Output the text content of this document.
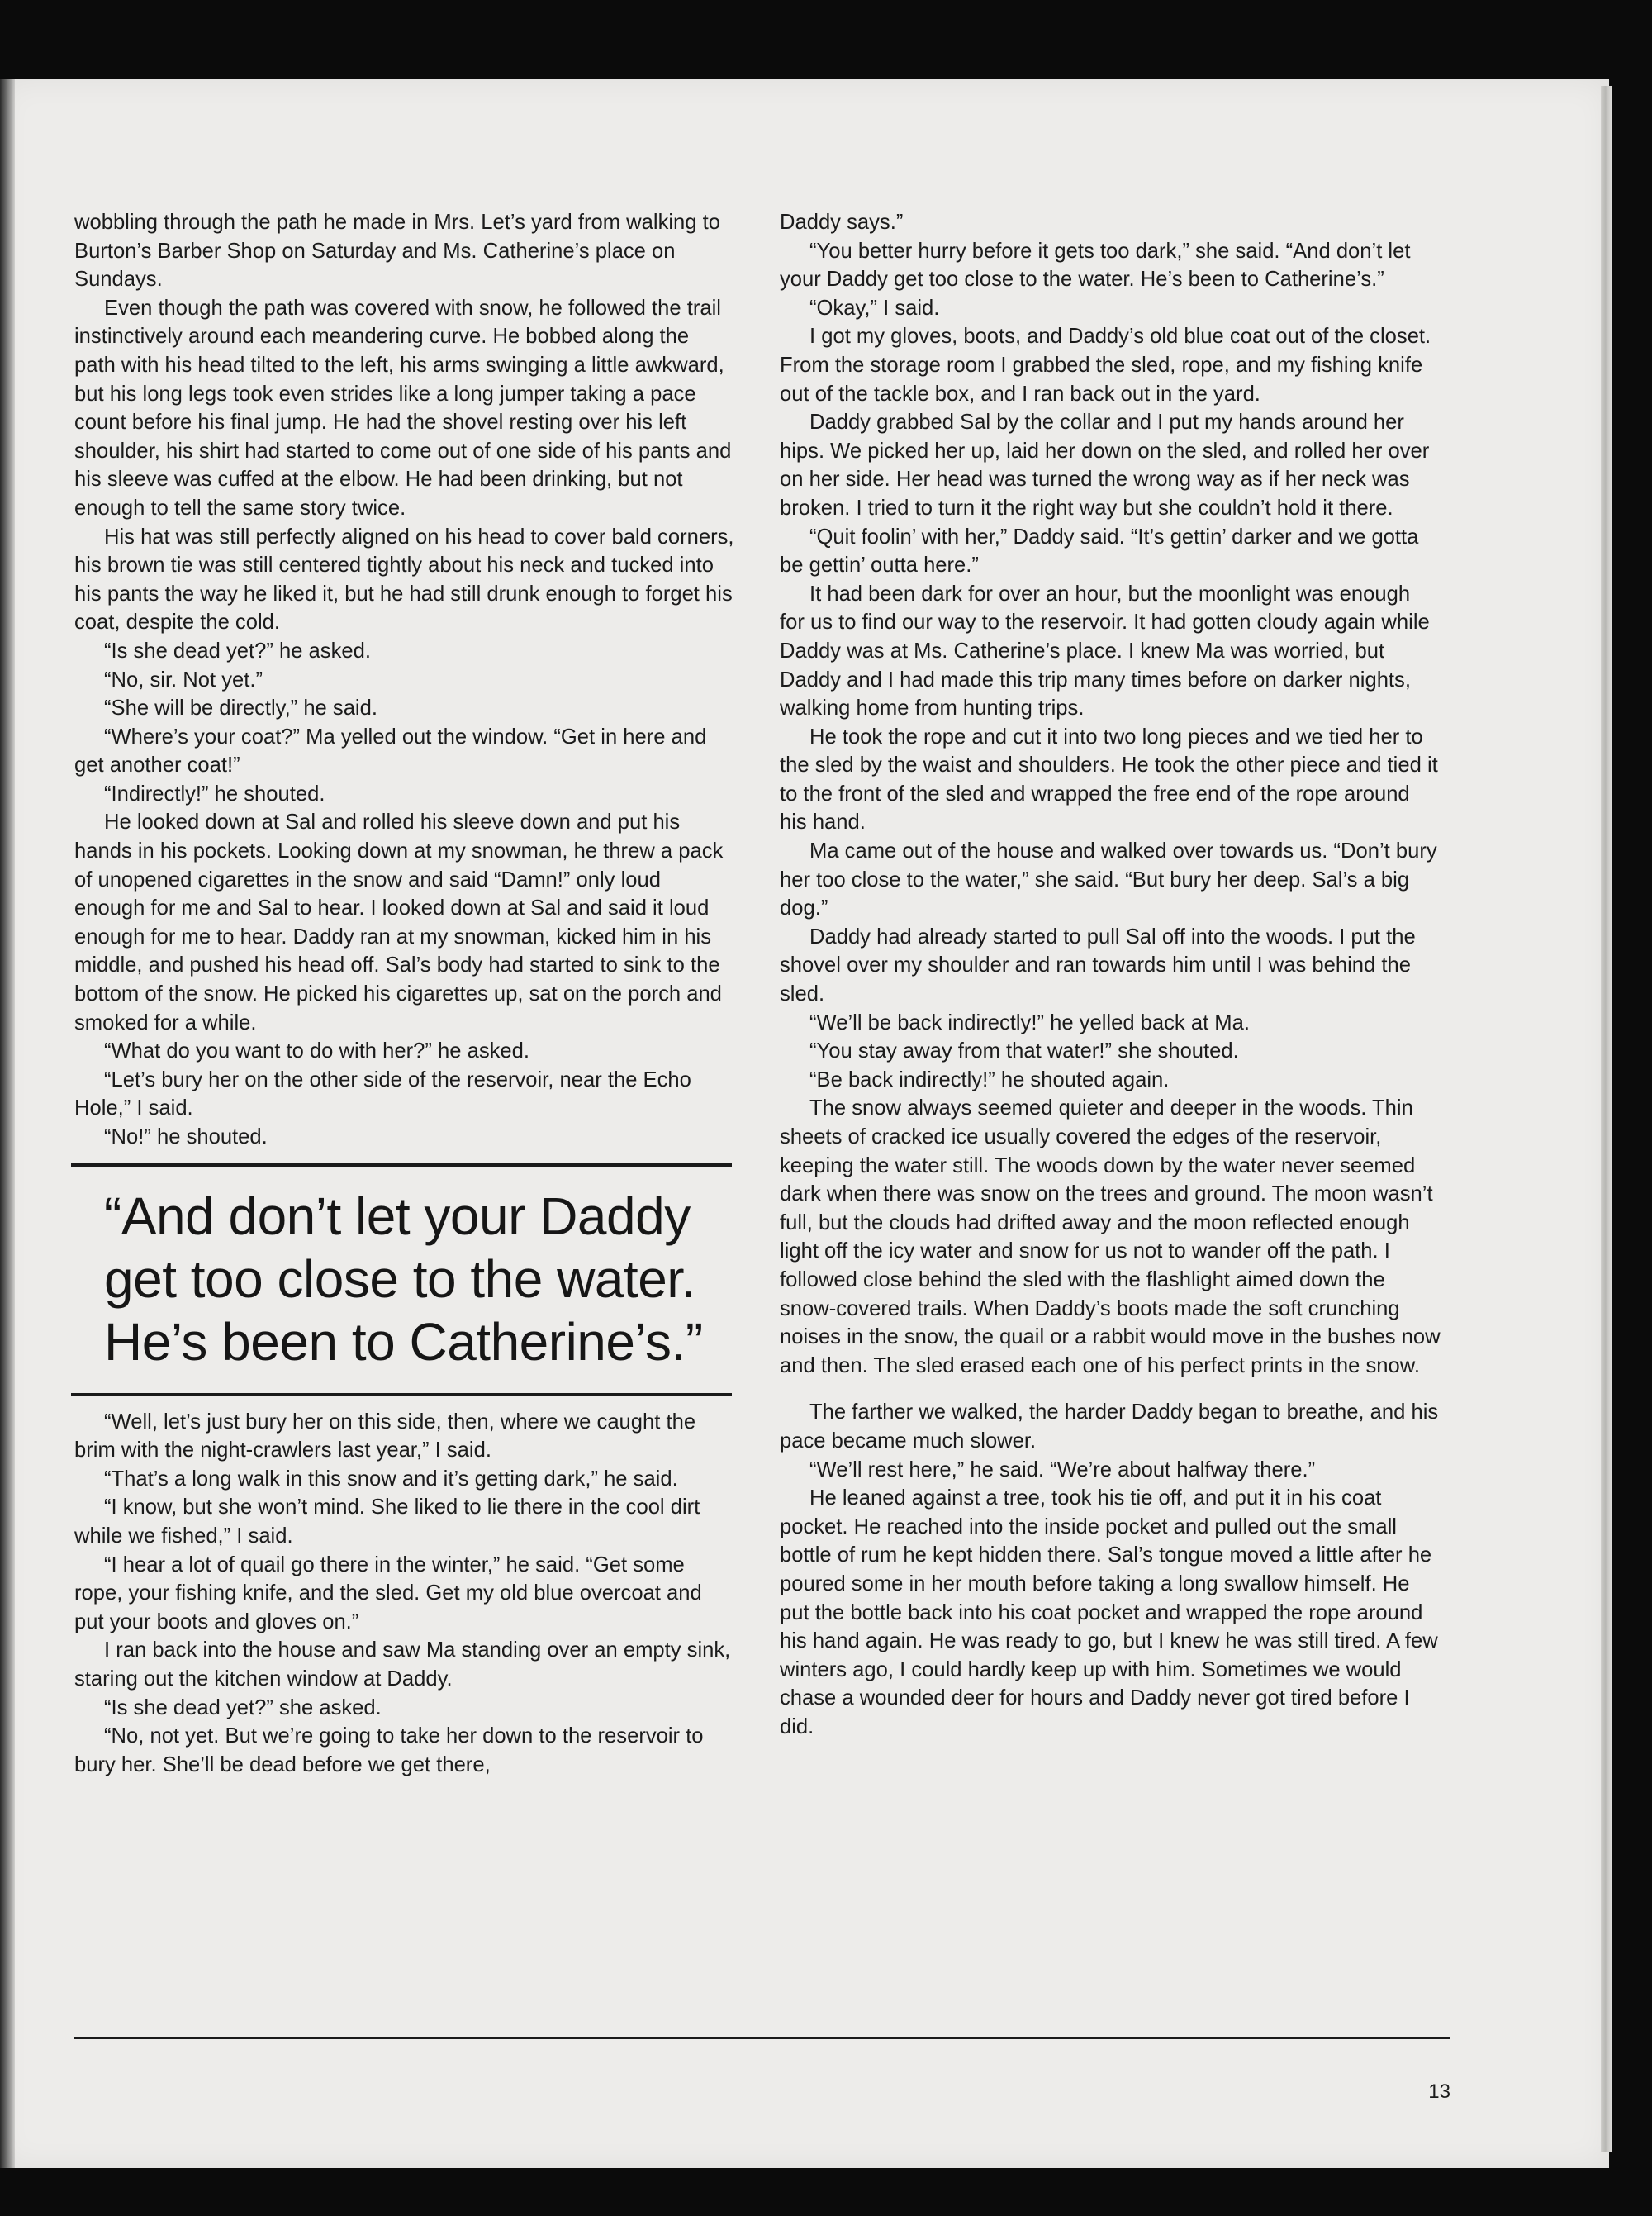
wobbling through the path he made in Mrs. Let’s yard from walking to Burton’s Barber Shop on Saturday and Ms. Catherine’s place on Sundays.

Even though the path was covered with snow, he followed the trail instinctively around each meandering curve. He bobbed along the path with his head tilted to the left, his arms swinging a little awkward, but his long legs took even strides like a long jumper taking a pace count before his final jump. He had the shovel resting over his left shoulder, his shirt had started to come out of one side of his pants and his sleeve was cuffed at the elbow. He had been drinking, but not enough to tell the same story twice.

His hat was still perfectly aligned on his head to cover bald corners, his brown tie was still centered tightly about his neck and tucked into his pants the way he liked it, but he had still drunk enough to forget his coat, despite the cold.

“Is she dead yet?” he asked.

“No, sir. Not yet.”

“She will be directly,” he said.

“Where’s your coat?” Ma yelled out the window. “Get in here and get another coat!”

“Indirectly!” he shouted.

He looked down at Sal and rolled his sleeve down and put his hands in his pockets. Looking down at my snowman, he threw a pack of unopened cigarettes in the snow and said “Damn!” only loud enough for me and Sal to hear. I looked down at Sal and said it loud enough for me to hear. Daddy ran at my snowman, kicked him in his middle, and pushed his head off. Sal’s body had started to sink to the bottom of the snow. He picked his cigarettes up, sat on the porch and smoked for a while.

“What do you want to do with her?” he asked.

“Let’s bury her on the other side of the reservoir, near the Echo Hole,” I said.

“No!” he shouted.

“And don’t let your Daddy get too close to the water. He’s been to Catherine’s.”

“Well, let’s just bury her on this side, then, where we caught the brim with the night-crawlers last year,” I said.

“That’s a long walk in this snow and it’s getting dark,” he said.

“I know, but she won’t mind. She liked to lie there in the cool dirt while we fished,” I said.

“I hear a lot of quail go there in the winter,” he said. “Get some rope, your fishing knife, and the sled. Get my old blue overcoat and put your boots and gloves on.”

I ran back into the house and saw Ma standing over an empty sink, staring out the kitchen window at Daddy.

“Is she dead yet?” she asked.

“No, not yet. But we’re going to take her down to the reservoir to bury her. She’ll be dead before we get there,

Daddy says.”

“You better hurry before it gets too dark,” she said. “And don’t let your Daddy get too close to the water. He’s been to Catherine’s.”

“Okay,” I said.

I got my gloves, boots, and Daddy’s old blue coat out of the closet. From the storage room I grabbed the sled, rope, and my fishing knife out of the tackle box, and I ran back out in the yard.

Daddy grabbed Sal by the collar and I put my hands around her hips. We picked her up, laid her down on the sled, and rolled her over on her side. Her head was turned the wrong way as if her neck was broken. I tried to turn it the right way but she couldn’t hold it there.

“Quit foolin’ with her,” Daddy said. “It’s gettin’ darker and we gotta be gettin’ outta here.”

It had been dark for over an hour, but the moonlight was enough for us to find our way to the reservoir. It had gotten cloudy again while Daddy was at Ms. Catherine’s place. I knew Ma was worried, but Daddy and I had made this trip many times before on darker nights, walking home from hunting trips.

He took the rope and cut it into two long pieces and we tied her to the sled by the waist and shoulders. He took the other piece and tied it to the front of the sled and wrapped the free end of the rope around his hand.

Ma came out of the house and walked over towards us. “Don’t bury her too close to the water,” she said. “But bury her deep. Sal’s a big dog.”

Daddy had already started to pull Sal off into the woods. I put the shovel over my shoulder and ran towards him until I was behind the sled.

“We’ll be back indirectly!” he yelled back at Ma.

“You stay away from that water!” she shouted.

“Be back indirectly!” he shouted again.

The snow always seemed quieter and deeper in the woods. Thin sheets of cracked ice usually covered the edges of the reservoir, keeping the water still. The woods down by the water never seemed dark when there was snow on the trees and ground. The moon wasn’t full, but the clouds had drifted away and the moon reflected enough light off the icy water and snow for us not to wander off the path. I followed close behind the sled with the flashlight aimed down the snow-covered trails. When Daddy’s boots made the soft crunching noises in the snow, the quail or a rabbit would move in the bushes now and then. The sled erased each one of his perfect prints in the snow.

The farther we walked, the harder Daddy began to breathe, and his pace became much slower.

“We’ll rest here,” he said. “We’re about halfway there.”

He leaned against a tree, took his tie off, and put it in his coat pocket. He reached into the inside pocket and pulled out the small bottle of rum he kept hidden there. Sal’s tongue moved a little after he poured some in her mouth before taking a long swallow himself. He put the bottle back into his coat pocket and wrapped the rope around his hand again. He was ready to go, but I knew he was still tired. A few winters ago, I could hardly keep up with him. Sometimes we would chase a wounded deer for hours and Daddy never got tired before I did.

13
